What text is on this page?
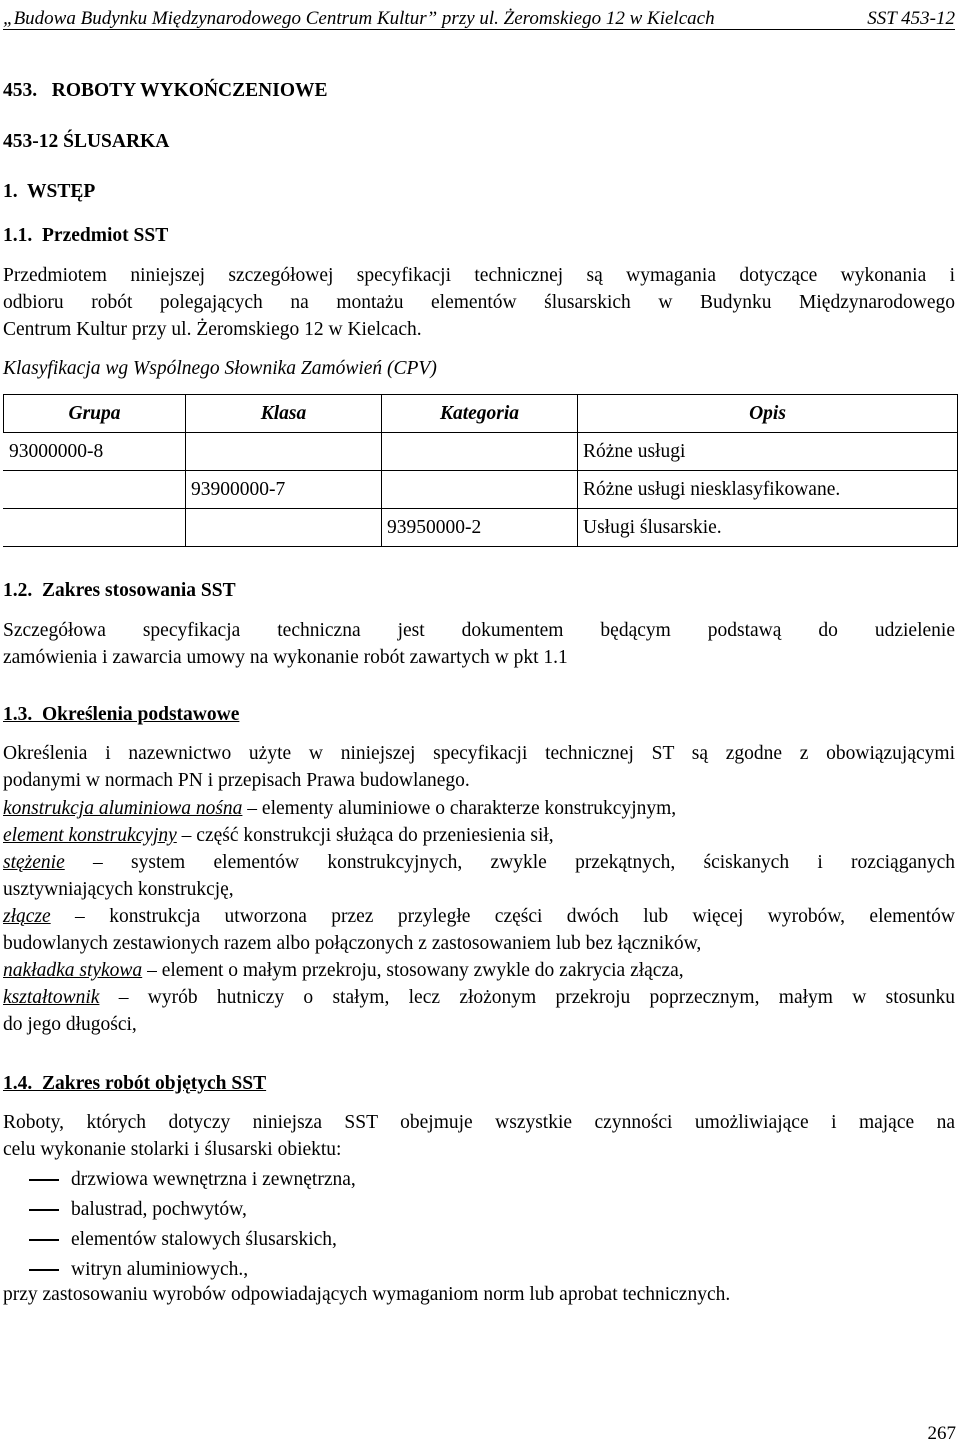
„Budowa Budynku Międzynarodowego Centrum Kultur” przy ul. Żeromskiego 12 w Kielcach	SST 453-12
453.   ROBOTY WYKOŃCZENIOWE
453-12 ŚLUSARKA
1.  WSTĘP
1.1.  Przedmiot SST
Przedmiotem niniejszej szczegółowej specyfikacji technicznej są wymagania dotyczące wykonania i
odbioru robót polegających na montażu elementów ślusarskich w Budynku Międzynarodowego
Centrum Kultur przy ul. Żeromskiego 12 w Kielcach.
Klasyfikacja wg Wspólnego Słownika Zamówień (CPV)
Grupa	Klasa	Kategoria	Opis
93000000-8			Różne usługi
	93900000-7		Różne usługi niesklasyfikowane.
		93950000-2	Usługi ślusarskie.
1.2.  Zakres stosowania SST
Szczegółowa specyfikacja techniczna jest dokumentem będącym podstawą do udzielenie
zamówienia i zawarcia umowy na wykonanie robót zawartych w pkt 1.1
1.3.  Określenia podstawowe
Określenia i nazewnictwo użyte w niniejszej specyfikacji technicznej ST są zgodne z obowiązującymi
podanymi w normach PN i przepisach Prawa budowlanego.
konstrukcja aluminiowa nośna – elementy aluminiowe o charakterze konstrukcyjnym,
element konstrukcyjny – część konstrukcji służąca do przeniesienia sił,
stężenie – system elementów konstrukcyjnych, zwykle przekątnych, ściskanych i rozciąganych
usztywniających konstrukcję,
złącze – konstrukcja utworzona przez przyległe części dwóch lub więcej wyrobów, elementów
budowlanych zestawionych razem albo połączonych z zastosowaniem lub bez łączników,
nakładka stykowa – element o małym przekroju, stosowany zwykle do zakrycia złącza,
kształtownik – wyrób hutniczy o stałym, lecz złożonym przekroju poprzecznym, małym w stosunku
do jego długości,
1.4.  Zakres robót objętych SST
Roboty, których dotyczy niniejsza SST obejmuje wszystkie czynności umożliwiające i mające na
celu wykonanie stolarki i ślusarski obiektu:
drzwiowa wewnętrzna i zewnętrzna,
balustrad, pochwytów,
elementów stalowych ślusarskich,
witryn aluminiowych.,
przy zastosowaniu wyrobów odpowiadających wymaganiom norm lub aprobat technicznych.
267
